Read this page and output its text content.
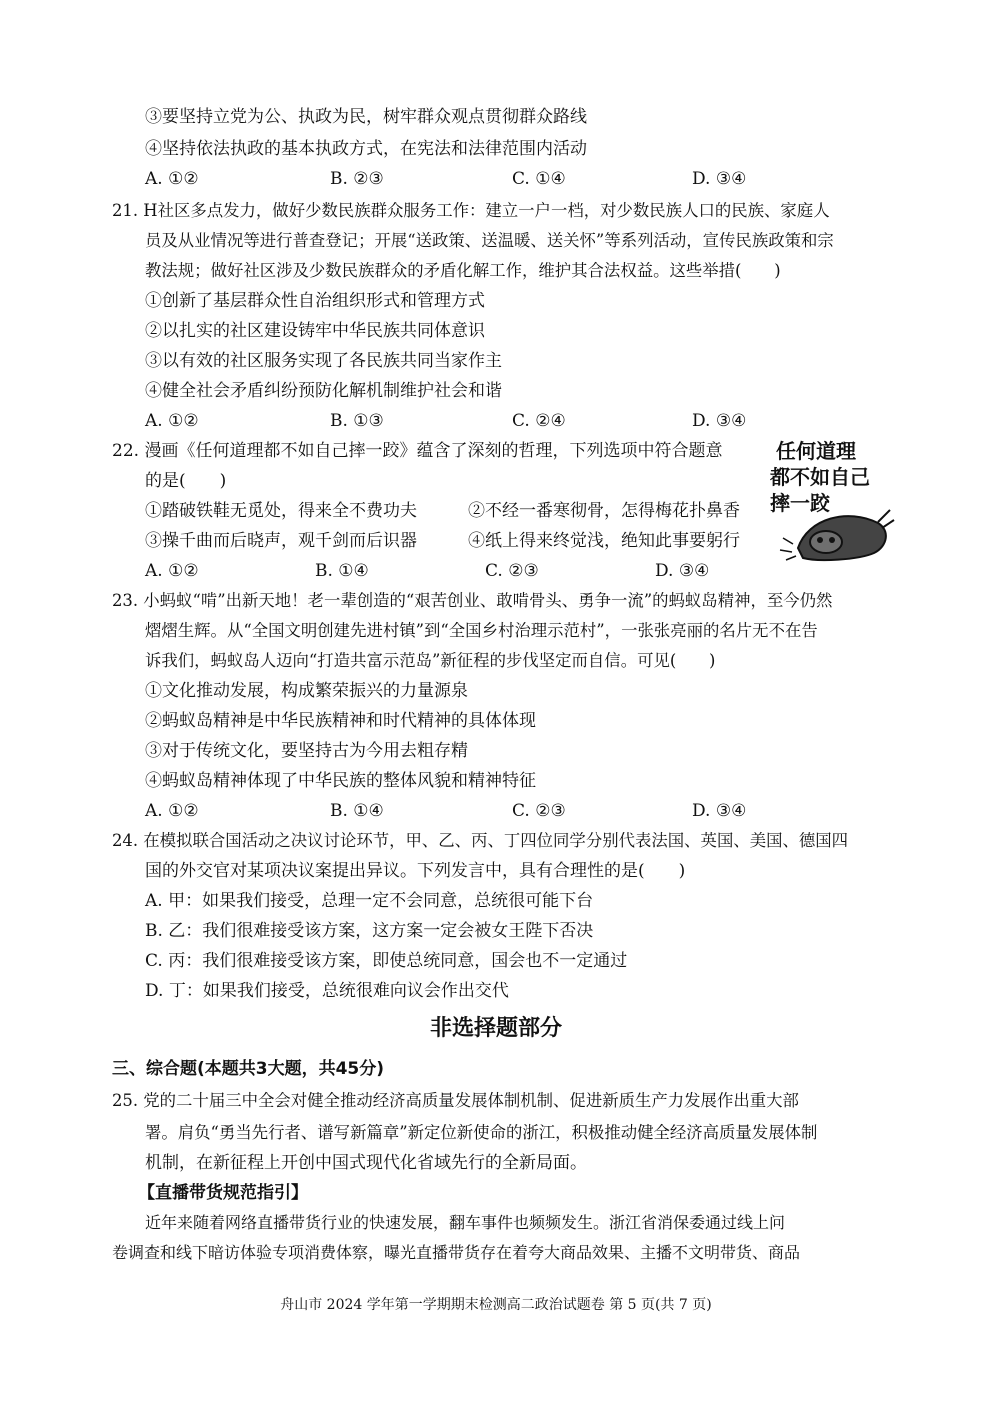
③要坚持立党为公、执政为民，树牢群众观点贯彻群众路线
④坚持依法执政的基本执政方式，在宪法和法律范围内活动
A. ①②	B. ②③	C. ①④	D. ③④
21. H社区多点发力，做好少数民族群众服务工作：建立一户一档，对少数民族人口的民族、家庭人
员及从业情况等进行普查登记；开展“送政策、送温暖、送关怀”等系列活动，宣传民族政策和宗
教法规；做好社区涉及少数民族群众的矛盾化解工作，维护其合法权益。这些举措(　　)
①创新了基层群众性自治组织形式和管理方式
②以扎实的社区建设铸牢中华民族共同体意识
③以有效的社区服务实现了各民族共同当家作主
④健全社会矛盾纠纷预防化解机制维护社会和谐
A. ①②	B. ①③	C. ②④	D. ③④
22. 漫画《任何道理都不如自己摔一跤》蕴含了深刻的哲理，下列选项中符合题意
的是(　　)
①踏破铁鞋无觅处，得来全不费功夫	②不经一番寒彻骨，怎得梅花扑鼻香
③操千曲而后晓声，观千剑而后识器	④纸上得来终觉浅，绝知此事要躬行
A. ①②	B. ①④	C. ②③	D. ③④
任何道理
都不如自己
摔一跤
23. 小蚂蚁“啃”出新天地！老一辈创造的“艰苦创业、敢啃骨头、勇争一流”的蚂蚁岛精神，至今仍然
熠熠生辉。从“全国文明创建先进村镇”到“全国乡村治理示范村”，一张张亮丽的名片无不在告
诉我们，蚂蚁岛人迈向“打造共富示范岛”新征程的步伐坚定而自信。可见(　　)
①文化推动发展，构成繁荣振兴的力量源泉
②蚂蚁岛精神是中华民族精神和时代精神的具体体现
③对于传统文化，要坚持古为今用去粗存精
④蚂蚁岛精神体现了中华民族的整体风貌和精神特征
A. ①②	B. ①④	C. ②③	D. ③④
24. 在模拟联合国活动之决议讨论环节，甲、乙、丙、丁四位同学分别代表法国、英国、美国、德国四
国的外交官对某项决议案提出异议。下列发言中，具有合理性的是(　　)
A. 甲：如果我们接受，总理一定不会同意，总统很可能下台
B. 乙：我们很难接受该方案，这方案一定会被女王陛下否决
C. 丙：我们很难接受该方案，即使总统同意，国会也不一定通过
D. 丁：如果我们接受，总统很难向议会作出交代
非选择题部分
三、综合题(本题共3大题，共45分)
25. 党的二十届三中全会对健全推动经济高质量发展体制机制、促进新质生产力发展作出重大部
署。肩负“勇当先行者、谱写新篇章”新定位新使命的浙江，积极推动健全经济高质量发展体制
机制，在新征程上开创中国式现代化省域先行的全新局面。
【直播带货规范指引】
近年来随着网络直播带货行业的快速发展，翻车事件也频频发生。浙江省消保委通过线上问
卷调查和线下暗访体验专项消费体察，曝光直播带货存在着夸大商品效果、主播不文明带货、商品
舟山市 2024 学年第一学期期末检测高二政治试题卷 第 5 页(共 7 页)
